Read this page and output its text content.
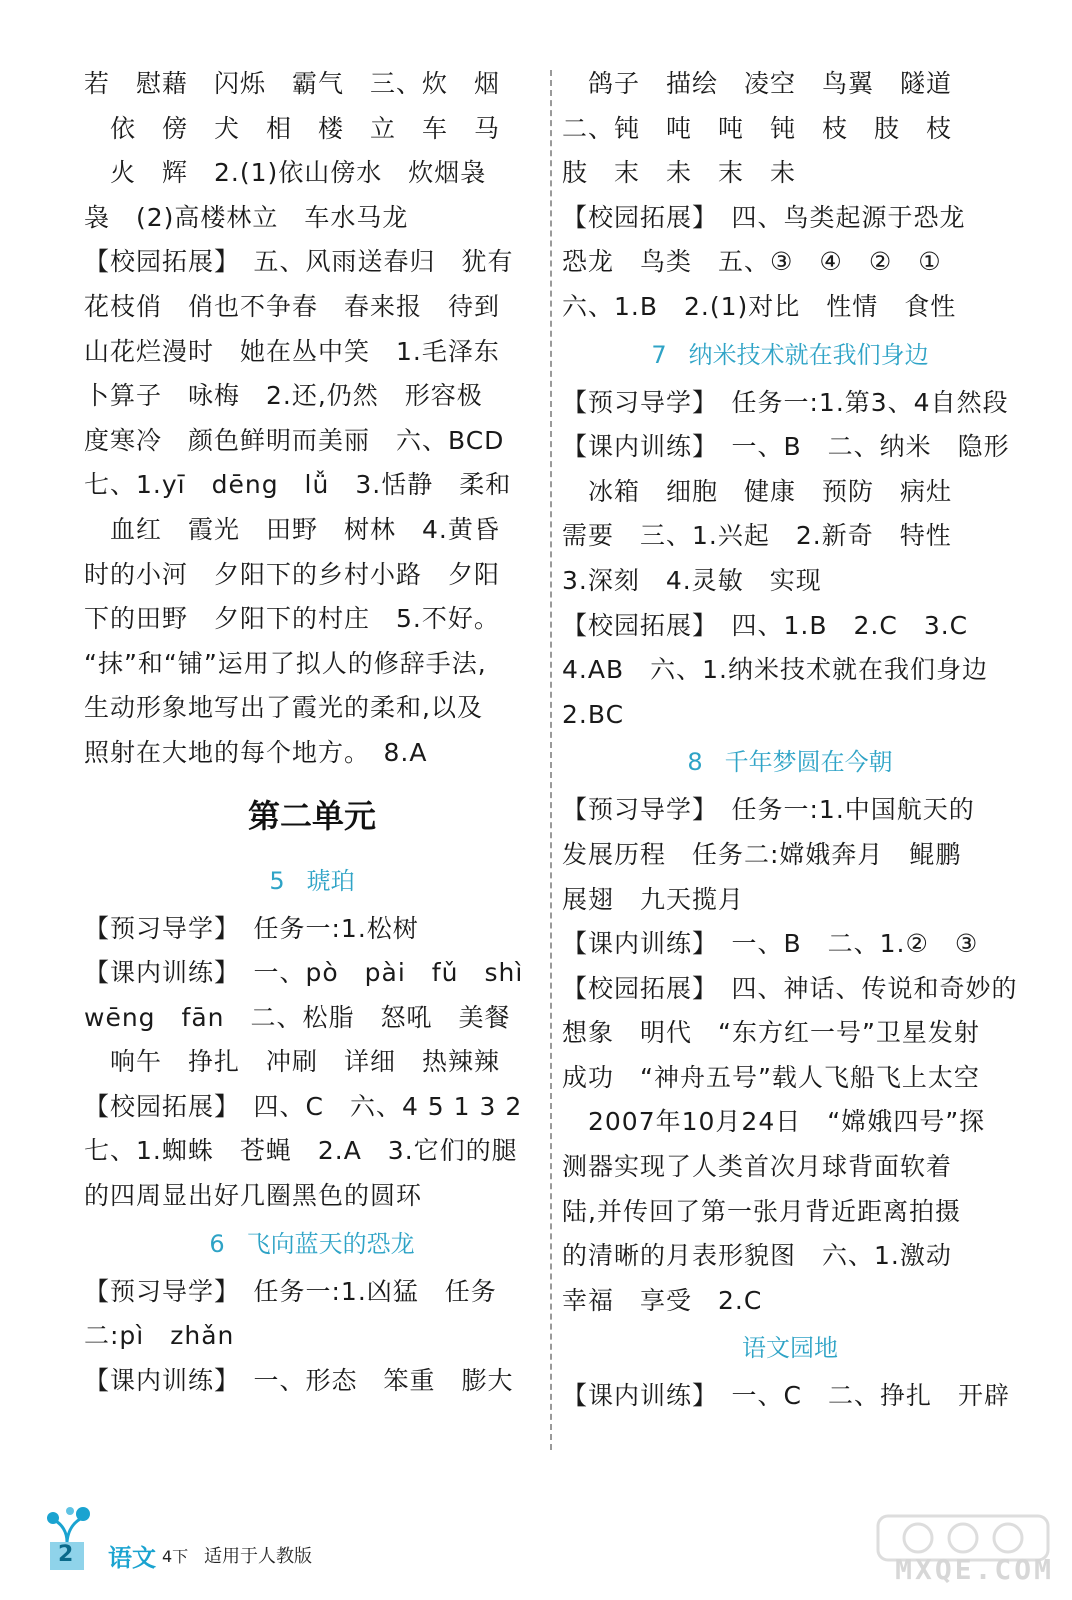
若　慰藉　闪烁　霸气　三、炊　烟
依　傍　犬　相　楼　立　车　马
火　辉　2.(1)依山傍水　炊烟袅
袅　(2)高楼林立　车水马龙
【校园拓展】　五、风雨送春归　犹有
花枝俏　俏也不争春　春来报　待到
山花烂漫时　她在丛中笑　1.毛泽东
卜算子　咏梅　2.还,仍然　形容极
度寒冷　颜色鲜明而美丽　六、BCD
七、1.yī　dēng　lǚ　3.恬静　柔和
血红　霞光　田野　树林　4.黄昏
时的小河　夕阳下的乡村小路　夕阳
下的田野　夕阳下的村庄　5.不好。
“抹”和“铺”运用了拟人的修辞手法,
生动形象地写出了霞光的柔和,以及
照射在大地的每个地方。　8.A
第二单元
5 琥珀
【预习导学】　任务一:1.松树
【课内训练】　一、pò　pài　fǔ　shì
wēng　fān　二、松脂　怒吼　美餐
响午　挣扎　冲刷　详细　热辣辣
【校园拓展】　四、C　六、4 5 1 3 2
七、1.蜘蛛　苍蝇　2.A　3.它们的腿
的四周显出好几圈黑色的圆环
6 飞向蓝天的恐龙
【预习导学】　任务一:1.凶猛　任务
二:pì　zhǎn
【课内训练】　一、形态　笨重　膨大
鸽子　描绘　凌空　鸟翼　隧道
二、钝　吨　吨　钝　枝　肢　枝
肢　末　未　末　未
【校园拓展】　四、鸟类起源于恐龙
恐龙　鸟类　五、③　④　②　①
六、1.B　2.(1)对比　性情　食性
7 纳米技术就在我们身边
【预习导学】　任务一:1.第3、4自然段
【课内训练】　一、B　二、纳米　隐形
冰箱　细胞　健康　预防　病灶
需要　三、1.兴起　2.新奇　特性
3.深刻　4.灵敏　实现
【校园拓展】　四、1.B　2.C　3.C
4.AB　六、1.纳米技术就在我们身边
2.BC
8 千年梦圆在今朝
【预习导学】　任务一:1.中国航天的
发展历程　任务二:嫦娥奔月　鲲鹏
展翅　九天揽月
【课内训练】　一、B　二、1.②　③
【校园拓展】　四、神话、传说和奇妙的
想象　明代　“东方红一号”卫星发射
成功　“神舟五号”载人飞船飞上太空
2007年10月24日　“嫦娥四号”探
测器实现了人类首次月球背面软着
陆,并传回了第一张月背近距离拍摄
的清晰的月表形貌图　六、1.激动
幸福　享受　2.C
语文园地
【课内训练】　一、C　二、挣扎　开辟
2 语文 4下 适用于人教版	MXQE.COM
